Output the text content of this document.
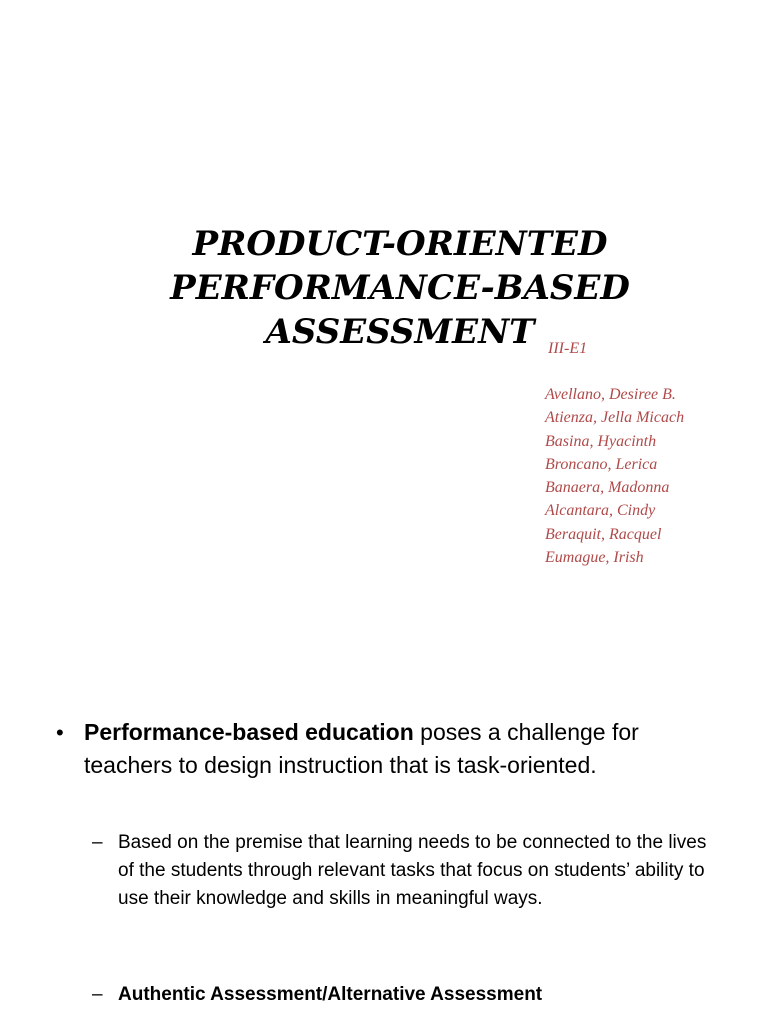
PRODUCT-ORIENTED
PERFORMANCE-BASED
ASSESSMENT III-E1
Avellano, Desiree B.
Atienza, Jella Micach
Basina, Hyacinth
Broncano, Lerica
Banaera, Madonna
Alcantara, Cindy
Beraquit, Racquel
Eumague, Irish
• Performance-based education poses a challenge for teachers to design instruction that is task-oriented.
– Based on the premise that learning needs to be connected to the lives of the students through relevant tasks that focus on students’ ability to use their knowledge and skills in meaningful ways.
– Authentic Assessment/Alternative Assessment
